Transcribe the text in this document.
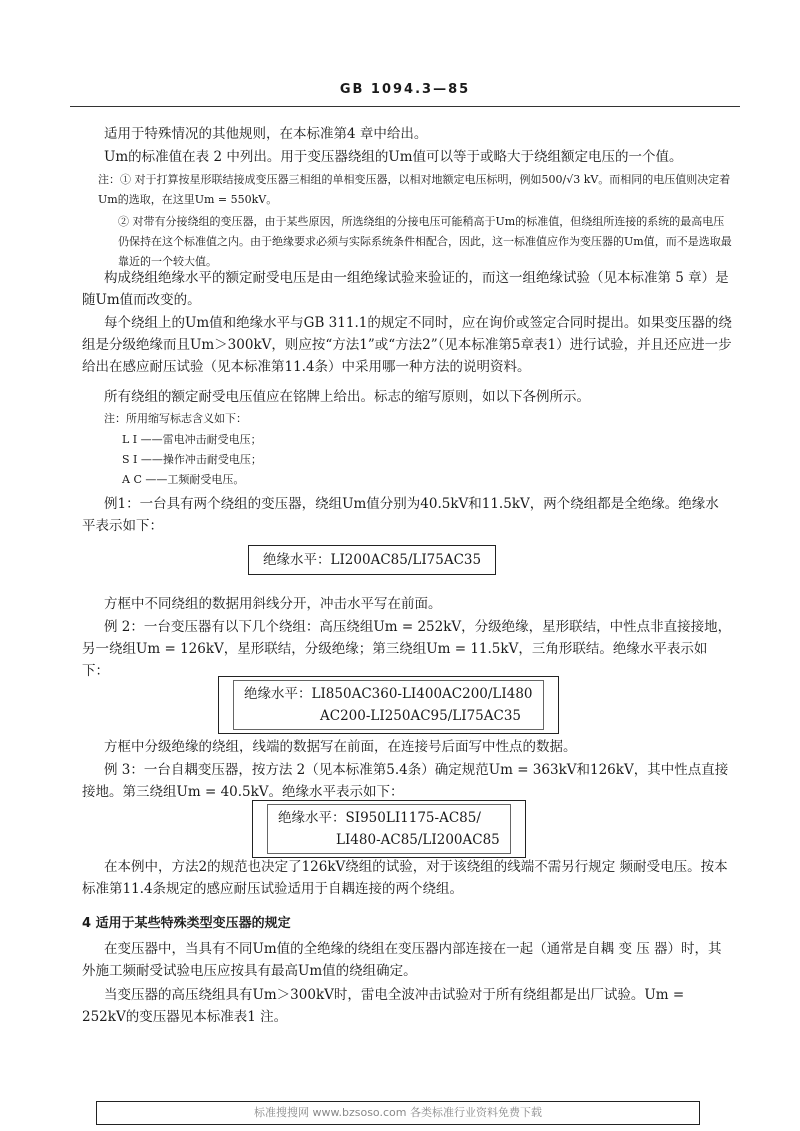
GB 1094.3—85

适用于特殊情况的其他规则，在本标准第4 章中给出。

Um的标准值在表 2 中列出。用于变压器绕组的Um值可以等于或略大于绕组额定电压的一个值。

注：① 对于打算按星形联结接成变压器三相组的单相变压器，以相对地额定电压标明，例如500/√3 kV。而相同的电压值则决定着Um的选取，在这里Um = 550kV。

② 对带有分接绕组的变压器，由于某些原因，所选绕组的分接电压可能稍高于Um的标准值，但绕组所连接的系统的最高电压仍保持在这个标准值之内。由于绝缘要求必须与实际系统条件相配合，因此，这一标准值应作为变压器的Um值，而不是选取最靠近的一个较大值。

构成绕组绝缘水平的额定耐受电压是由一组绝缘试验来验证的，而这一组绝缘试验（见本标准第 5 章）是随Um值而改变的。

每个绕组上的Um值和绝缘水平与GB 311.1的规定不同时，应在询价或签定合同时提出。如果变压器的绕组是分级绝缘而且Um＞300kV，则应按“方法1”或“方法2”（见本标准第5章表1）进行试验，并且还应进一步给出在感应耐压试验（见本标准第11.4条）中采用哪一种方法的说明资料。

所有绕组的额定耐受电压值应在铭牌上给出。标志的缩写原则，如以下各例所示。

注：所用缩写标志含义如下：

L I ——雷电冲击耐受电压；

S I ——操作冲击耐受电压；

A C ——工频耐受电压。

例1：一台具有两个绕组的变压器，绕组Um值分别为40.5kV和11.5kV，两个绕组都是全绝缘。绝缘水平表示如下：

绝缘水平：LI200AC85/LI75AC35

方框中不同绕组的数据用斜线分开，冲击水平写在前面。

例 2：一台变压器有以下几个绕组：高压绕组Um = 252kV，分级绝缘，星形联结，中性点非直接接地，另一绕组Um = 126kV，星形联结，分级绝缘；第三绕组Um = 11.5kV，三角形联结。绝缘水平表示如下：

绝缘水平：LI850AC360-LI400AC200/LI480
AC200-LI250AC95/LI75AC35

方框中分级绝缘的绕组，线端的数据写在前面，在连接号后面写中性点的数据。

例 3：一台自耦变压器，按方法 2（见本标准第5.4条）确定规范Um = 363kV和126kV，其中性点直接接地。第三绕组Um = 40.5kV。绝缘水平表示如下：

绝缘水平：SI950LI1175-AC85/
LI480-AC85/LI200AC85

在本例中，方法2的规范也决定了126kV绕组的试验，对于该绕组的线端不需另行规定 频耐受电压。按本标准第11.4条规定的感应耐压试验适用于自耦连接的两个绕组。

4 适用于某些特殊类型变压器的规定

在变压器中，当具有不同Um值的全绝缘的绕组在变压器内部连接在一起（通常是自耦 变 压 器）时，其外施工频耐受试验电压应按具有最高Um值的绕组确定。

当变压器的高压绕组具有Um＞300kV时，雷电全波冲击试验对于所有绕组都是出厂试验。Um = 252kV的变压器见本标准表1 注。

标准搜搜网 www.bzsoso.com 各类标准行业资料免费下载
